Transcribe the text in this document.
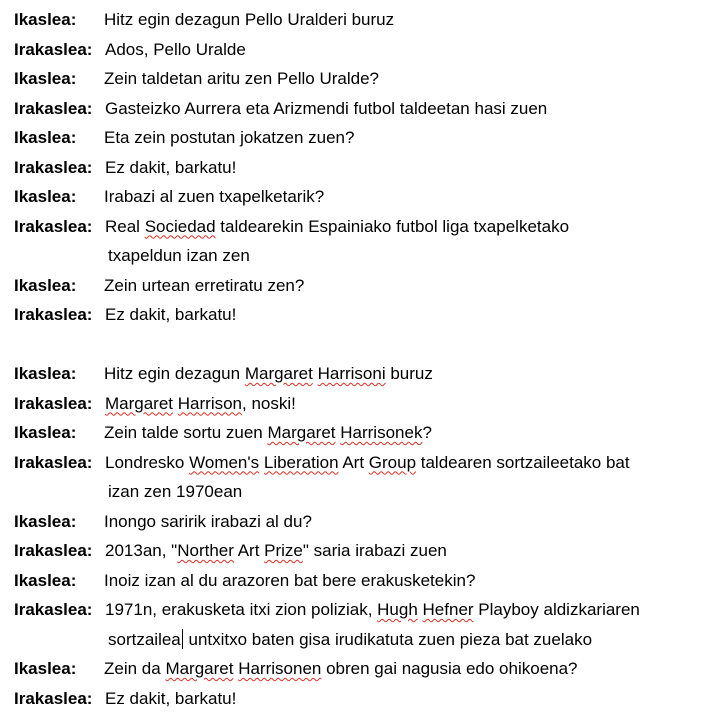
Ikaslea:	Hitz egin dezagun Pello Uralderi buruz
Irakaslea: Ados, Pello Uralde
Ikaslea:	Zein taldetan aritu zen Pello Uralde?
Irakaslea: Gasteizko Aurrera eta Arizmendi futbol taldeetan hasi zuen
Ikaslea:	Eta zein postutan jokatzen zuen?
Irakaslea: Ez dakit, barkatu!
Ikaslea:	Irabazi al zuen txapelketarik?
Irakaslea: Real Sociedad taldearekin Espainiako futbol liga txapelketako
txapeldun izan zen
Ikaslea:	Zein urtean erretiratu zen?
Irakaslea: Ez dakit, barkatu!
Ikaslea:	Hitz egin dezagun Margaret Harrisoni buruz
Irakaslea: Margaret Harrison, noski!
Ikaslea:	Zein talde sortu zuen Margaret Harrisonek?
Irakaslea: Londresko Women's Liberation Art Group taldearen sortzaileetako bat
izan zen 1970ean
Ikaslea:	Inongo saririk irabazi al du?
Irakaslea: 2013an, "Norther Art Prize" saria irabazi zuen
Ikaslea:	Inoiz izan al du arazoren bat bere erakusketekin?
Irakaslea: 1971n, erakusketa itxi zion poliziak, Hugh Hefner Playboy aldizkariaren
sortzailea untxitxo baten gisa irudikatuta zuen pieza bat zuelako
Ikaslea:	Zein da Margaret Harrisonen obren gai nagusia edo ohikoena?
Irakaslea: Ez dakit, barkatu!
